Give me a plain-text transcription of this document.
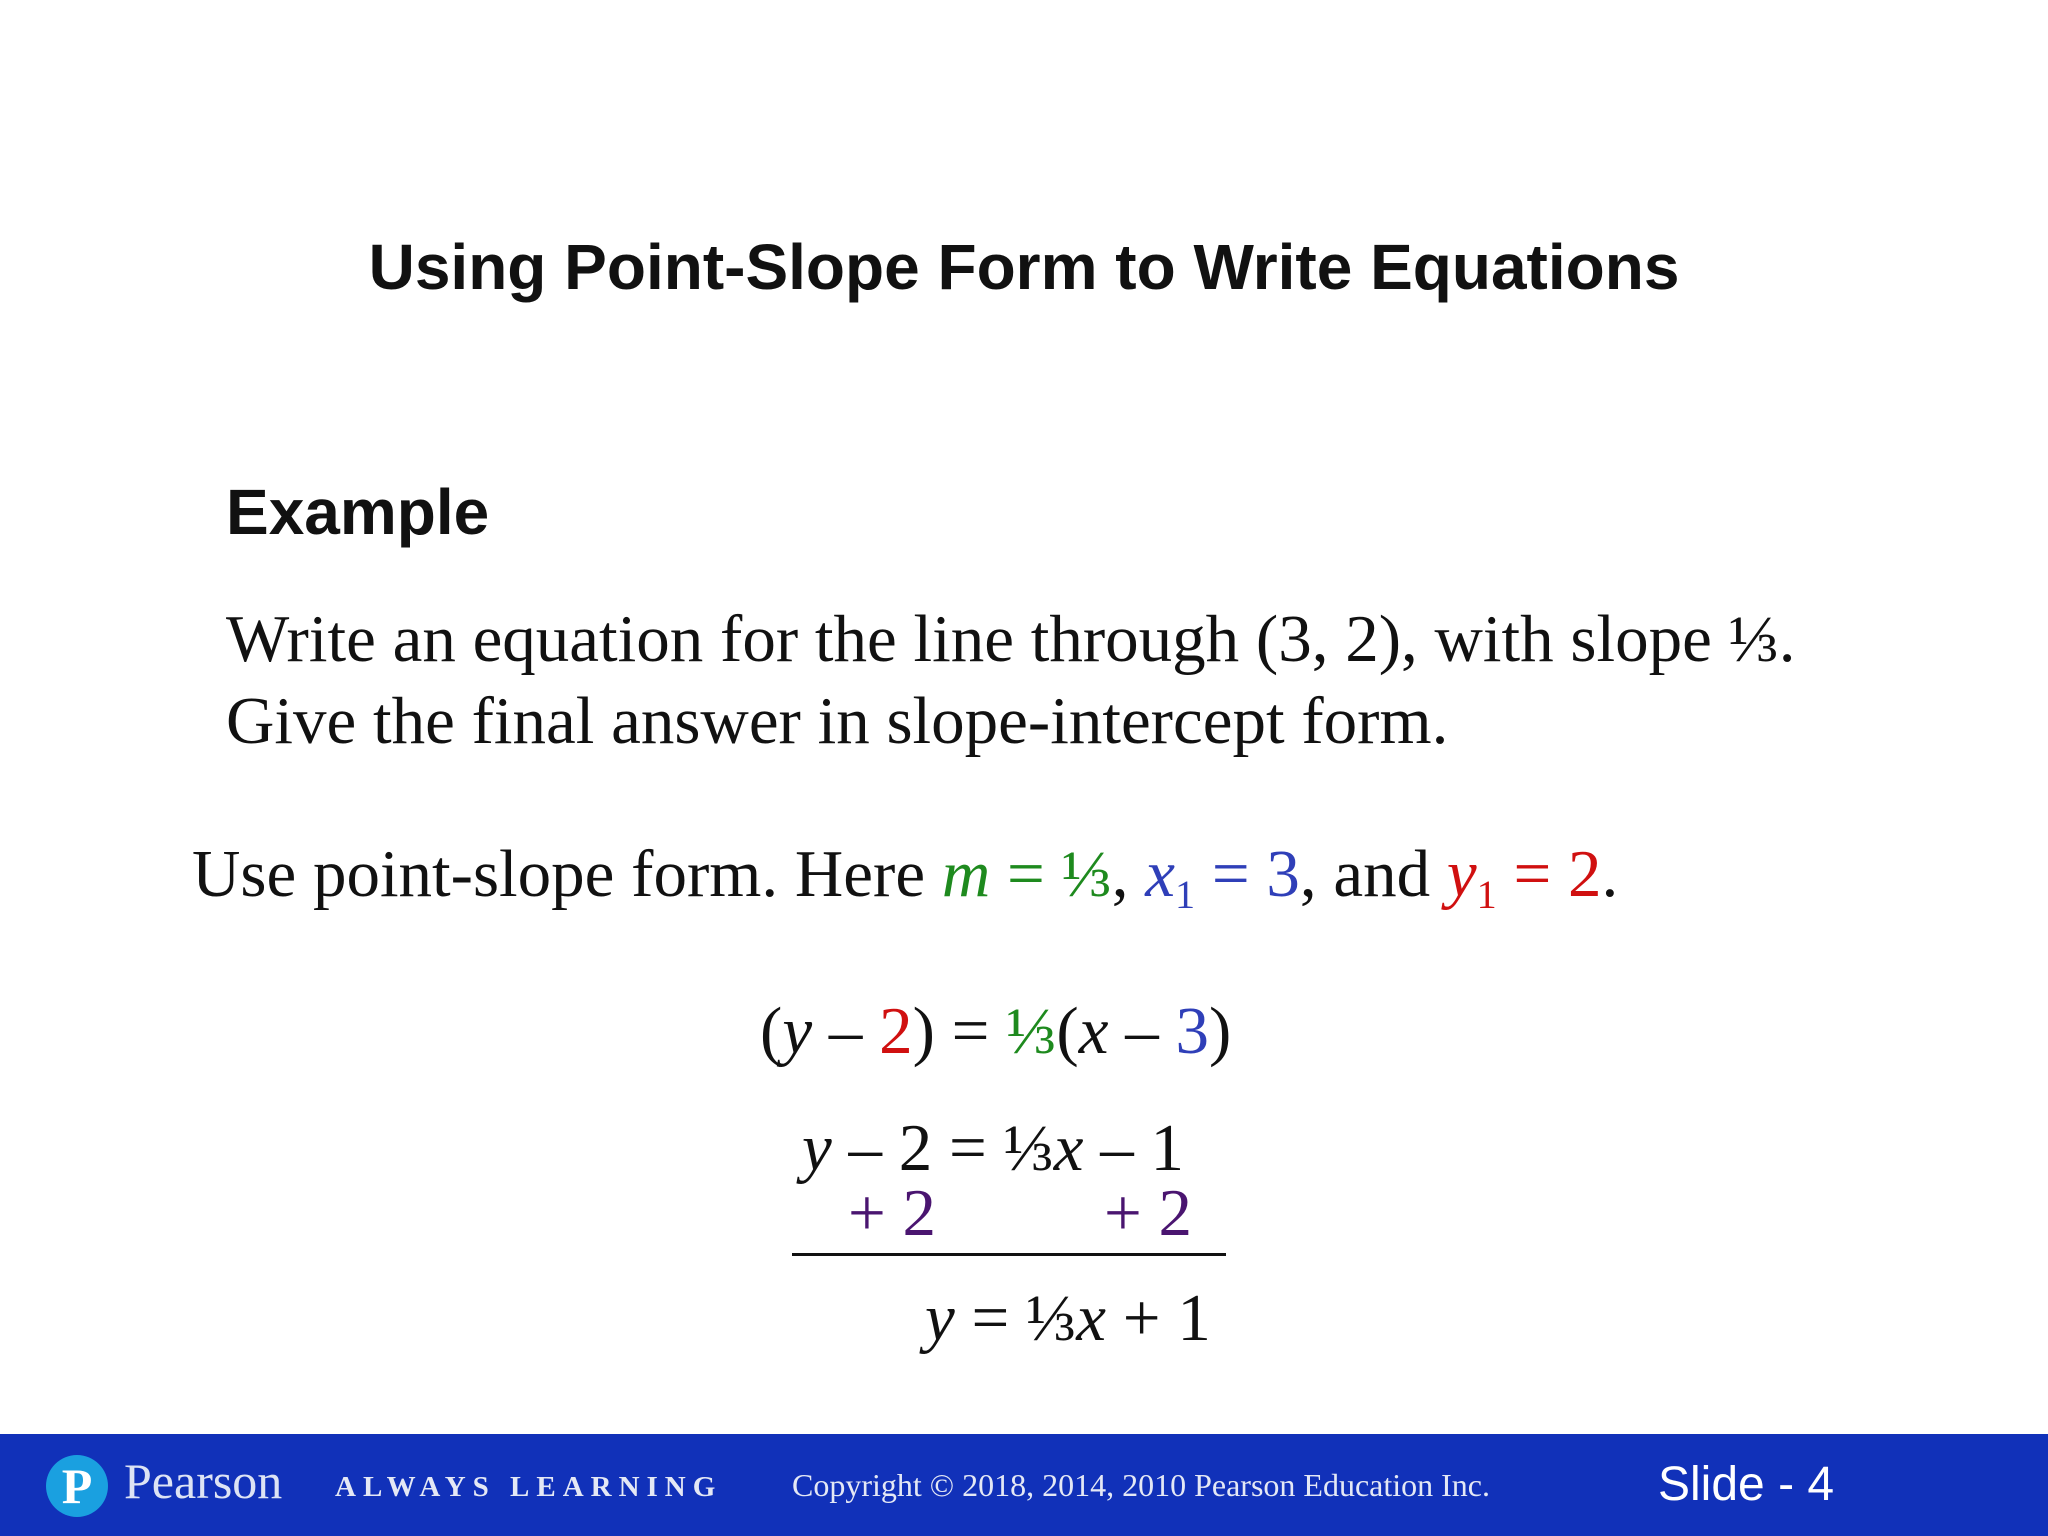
Using Point-Slope Form to Write Equations
Example
Write an equation for the line through (3, 2), with slope ⅓.
Give the final answer in slope-intercept form.
Use point-slope form. Here m = ⅓, $x_1 = 3$, and $y_1 = 2$.
(y – 2) = ⅓(x – 3)
y – 2 = ⅓x – 1
+ 2	+ 2
y = ⅓x + 1
P Pearson ALWAYS LEARNING Copyright © 2018, 2014, 2010 Pearson Education Inc.	Slide - 4
